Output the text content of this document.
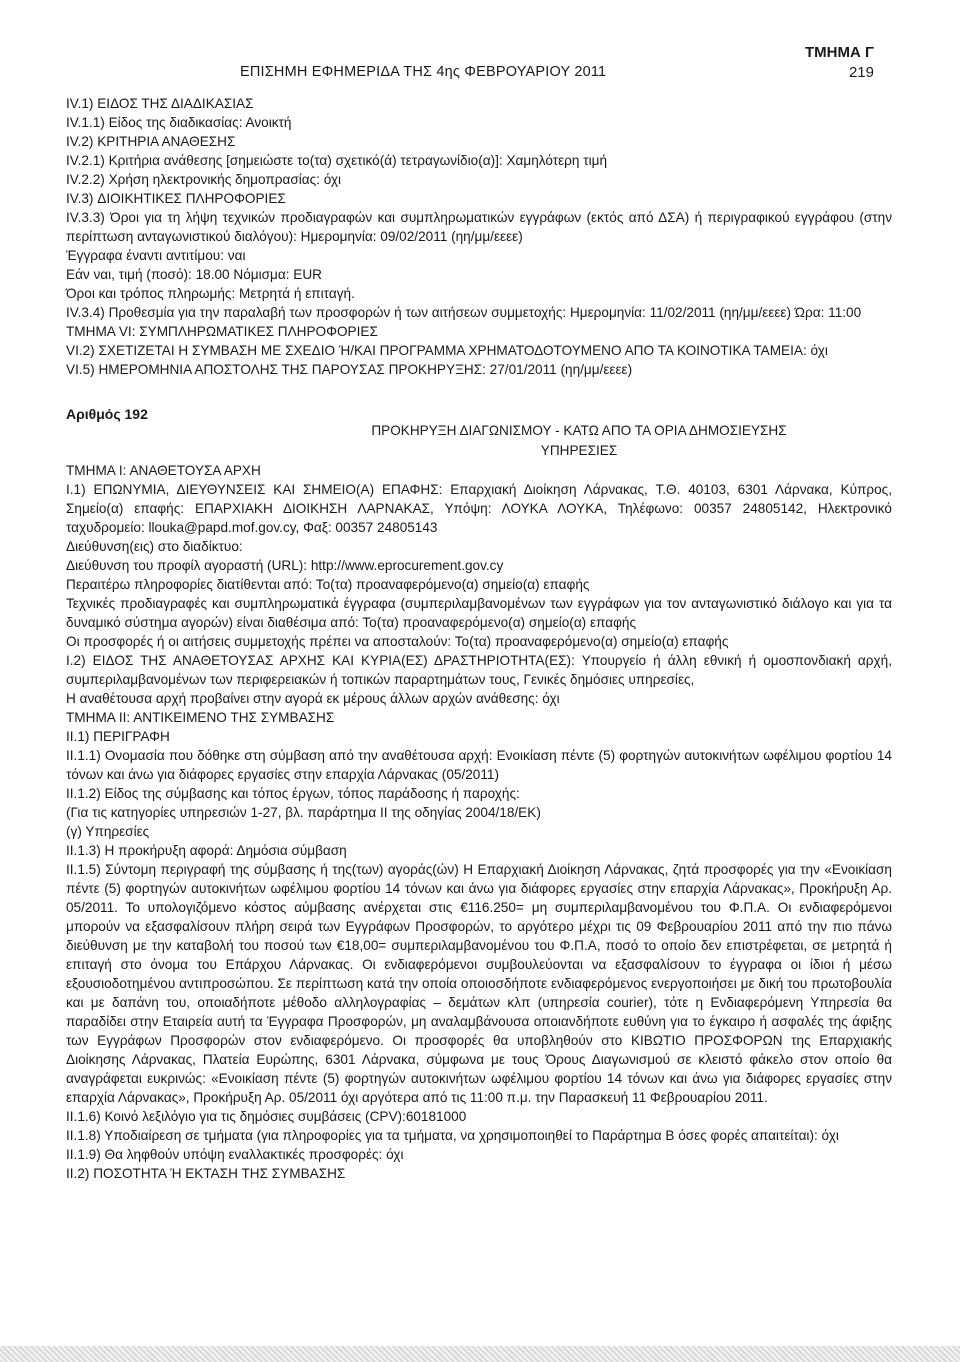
ΤΜΗΜΑ Γ
ΕΠΙΣΗΜΗ ΕΦΗΜΕΡΙΔΑ ΤΗΣ 4ης ΦΕΒΡΟΥΑΡΙΟΥ 2011	219

IV.1) ΕΙΔΟΣ ΤΗΣ ΔΙΑΔΙΚΑΣΙΑΣ

IV.1.1) Είδος της διαδικασίας: Ανοικτή

IV.2) ΚΡΙΤΗΡΙΑ ΑΝΑΘΕΣΗΣ

IV.2.1) Κριτήρια ανάθεσης [σημειώστε το(τα) σχετικό(ά) τετραγωνίδιο(α)]: Χαμηλότερη τιμή

IV.2.2) Χρήση ηλεκτρονικής δημοπρασίας: όχι

IV.3) ΔΙΟΙΚΗΤΙΚΕΣ ΠΛΗΡΟΦΟΡΙΕΣ

IV.3.3) Όροι για τη λήψη τεχνικών προδιαγραφών και συμπληρωματικών εγγράφων (εκτός από ΔΣΑ) ή περιγραφικού εγγράφου (στην περίπτωση ανταγωνιστικού διαλόγου): Ημερομηνία: 09/02/2011 (ηη/μμ/εεεε)

Έγγραφα έναντι αντιτίμου: ναι

Εάν ναι, τιμή (ποσό): 18.00 Νόμισμα: EUR

Όροι και τρόπος πληρωμής: Μετρητά ή επιταγή.

IV.3.4) Προθεσμία για την παραλαβή των προσφορών ή των αιτήσεων συμμετοχής: Ημερομηνία: 11/02/2011 (ηη/μμ/εεεε) Ώρα: 11:00

ΤΜΗΜΑ VI: ΣΥΜΠΛΗΡΩΜΑΤΙΚΕΣ ΠΛΗΡΟΦΟΡΙΕΣ

VI.2) ΣΧΕΤΙΖΕΤΑΙ Η ΣΥΜΒΑΣΗ ΜΕ ΣΧΕΔΙΟ Ή/ΚΑΙ ΠΡΟΓΡΑΜΜΑ ΧΡΗΜΑΤΟΔΟΤΟΥΜΕΝΟ ΑΠΟ ΤΑ ΚΟΙΝΟΤΙΚΑ ΤΑΜΕΙΑ: όχι

VI.5) ΗΜΕΡΟΜΗΝΙΑ ΑΠΟΣΤΟΛΗΣ ΤΗΣ ΠΑΡΟΥΣΑΣ ΠΡΟΚΗΡΥΞΗΣ: 27/01/2011 (ηη/μμ/εεεε)

Αριθμός 192
ΠΡΟΚΗΡΥΞΗ ΔΙΑΓΩΝΙΣΜΟΥ - ΚΑΤΩ ΑΠΟ ΤΑ ΟΡΙΑ ΔΗΜΟΣΙΕΥΣΗΣ
ΥΠΗΡΕΣΙΕΣ

ΤΜΗΜΑ Ι: ΑΝΑΘΕΤΟΥΣΑ ΑΡΧΗ

Ι.1) ΕΠΩΝΥΜΙΑ, ΔΙΕΥΘΥΝΣΕΙΣ ΚΑΙ ΣΗΜΕΙΟ(Α) ΕΠΑΦΗΣ: Επαρχιακή Διοίκηση Λάρνακας, Τ.Θ. 40103, 6301 Λάρνακα, Κύπρος, Σημείο(α) επαφής: ΕΠΑΡΧΙΑΚΗ ΔΙΟΙΚΗΣΗ ΛΑΡΝΑΚΑΣ, Υπόψη: ΛΟΥΚΑ ΛΟΥΚΑ, Τηλέφωνο: 00357 24805142, Ηλεκτρονικό ταχυδρομείο: llouka@papd.mof.gov.cy, Φαξ: 00357 24805143

Διεύθυνση(εις) στο διαδίκτυο:

Διεύθυνση του προφίλ αγοραστή (URL): http://www.eprocurement.gov.cy

Περαιτέρω πληροφορίες διατίθενται από: Το(τα) προαναφερόμενο(α) σημείο(α) επαφής

Τεχνικές προδιαγραφές και συμπληρωματικά έγγραφα (συμπεριλαμβανομένων των εγγράφων για τον ανταγωνιστικό διάλογο και για τα δυναμικό σύστημα αγορών) είναι διαθέσιμα από: Το(τα) προαναφερόμενο(α) σημείο(α) επαφής

Οι προσφορές ή οι αιτήσεις συμμετοχής πρέπει να αποσταλούν: Το(τα) προαναφερόμενο(α) σημείο(α) επαφής

Ι.2) ΕΙΔΟΣ ΤΗΣ ΑΝΑΘΕΤΟΥΣΑΣ ΑΡΧΗΣ ΚΑΙ ΚΥΡΙΑ(ΕΣ) ΔΡΑΣΤΗΡΙΟΤΗΤΑ(ΕΣ): Υπουργείο ή άλλη εθνική ή ομοσπονδιακή αρχή, συμπεριλαμβανομένων των περιφερειακών ή τοπικών παραρτημάτων τους, Γενικές δημόσιες υπηρεσίες,

Η αναθέτουσα αρχή προβαίνει στην αγορά εκ μέρους άλλων αρχών ανάθεσης: όχι

ΤΜΗΜΑ ΙΙ: ΑΝΤΙΚΕΙΜΕΝΟ ΤΗΣ ΣΥΜΒΑΣΗΣ

ΙΙ.1) ΠΕΡΙΓΡΑΦΗ

ΙΙ.1.1) Ονομασία που δόθηκε στη σύμβαση από την αναθέτουσα αρχή: Ενοικίαση πέντε (5) φορτηγών αυτοκινήτων ωφέλιμου φορτίου 14 τόνων και άνω για διάφορες εργασίες στην επαρχία Λάρνακας (05/2011)

ΙΙ.1.2) Είδος της σύμβασης και τόπος έργων, τόπος παράδοσης ή παροχής:

(Για τις κατηγορίες υπηρεσιών 1-27, βλ. παράρτημα ΙΙ της οδηγίας 2004/18/ΕΚ)

(γ) Υπηρεσίες

ΙΙ.1.3) Η προκήρυξη αφορά: Δημόσια σύμβαση

ΙΙ.1.5) Σύντομη περιγραφή της σύμβασης ή της(των) αγοράς(ών) Η Επαρχιακή Διοίκηση Λάρνακας, ζητά προσφορές για την «Ενοικίαση πέντε (5) φορτηγών αυτοκινήτων ωφέλιμου φορτίου 14 τόνων και άνω για διάφορες εργασίες στην επαρχία Λάρνακας», Προκήρυξη Αρ. 05/2011. Το υπολογιζόμενο κόστος αύμβασης ανέρχεται στις €116.250= μη συμπεριλαμβανομένου του Φ.Π.Α. Οι ενδιαφερόμενοι μπορούν να εξασφαλίσουν πλήρη σειρά των Εγγράφων Προσφορών, το αργότερο μέχρι τις 09 Φεβρουαρίου 2011 από την πιο πάνω διεύθυνση με την καταβολή του ποσού των €18,00= συμπεριλαμβανομένου του Φ.Π.Α, ποσό το οποίο δεν επιστρέφεται, σε μετρητά ή επιταγή στο όνομα του Επάρχου Λάρνακας. Οι ενδιαφερόμενοι συμβουλεύονται να εξασφαλίσουν το έγγραφα οι ίδιοι ή μέσω εξουσιοδοτημένου αντιπροσώπου. Σε περίπτωση κατά την οποία οποιοσδήποτε ενδιαφερόμενος ενεργοποιήσει με δική του πρωτοβουλία και με δαπάνη του, οποιαδήποτε μέθοδο αλληλογραφίας – δεμάτων κλπ (υπηρεσία courier), τότε η Ενδιαφερόμενη Υπηρεσία θα παραδίδει στην Εταιρεία αυτή τα Έγγραφα Προσφορών, μη αναλαμβάνουσα οποιανδήποτε ευθύνη για το έγκαιρο ή ασφαλές της άφιξης των Εγγράφων Προσφορών στον ενδιαφερόμενο. Οι προσφορές θα υποβληθούν στο ΚΙΒΩΤΙΟ ΠΡΟΣΦΟΡΩΝ της Επαρχιακής Διοίκησης Λάρνακας, Πλατεία Ευρώπης, 6301 Λάρνακα, σύμφωνα με τους Όρους Διαγωνισμού σε κλειστό φάκελο στον οποίο θα αναγράφεται ευκρινώς: «Ενοικίαση πέντε (5) φορτηγών αυτοκινήτων ωφέλιμου φορτίου 14 τόνων και άνω για διάφορες εργασίες στην επαρχία Λάρνακας», Προκήρυξη Αρ. 05/2011 όχι αργότερα από τις 11:00 π.μ. την Παρασκευή 11 Φεβρουαρίου 2011.

ΙΙ.1.6) Κοινό λεξιλόγιο για τις δημόσιες συμβάσεις (CPV):60181000

ΙΙ.1.8) Υποδιαίρεση σε τμήματα (για πληροφορίες για τα τμήματα, να χρησιμοποιηθεί το Παράρτημα Β όσες φορές απαιτείται): όχι

ΙΙ.1.9) Θα ληφθούν υπόψη εναλλακτικές προσφορές: όχι

ΙΙ.2) ΠΟΣΟΤΗΤΑ Ή ΕΚΤΑΣΗ ΤΗΣ ΣΥΜΒΑΣΗΣ
